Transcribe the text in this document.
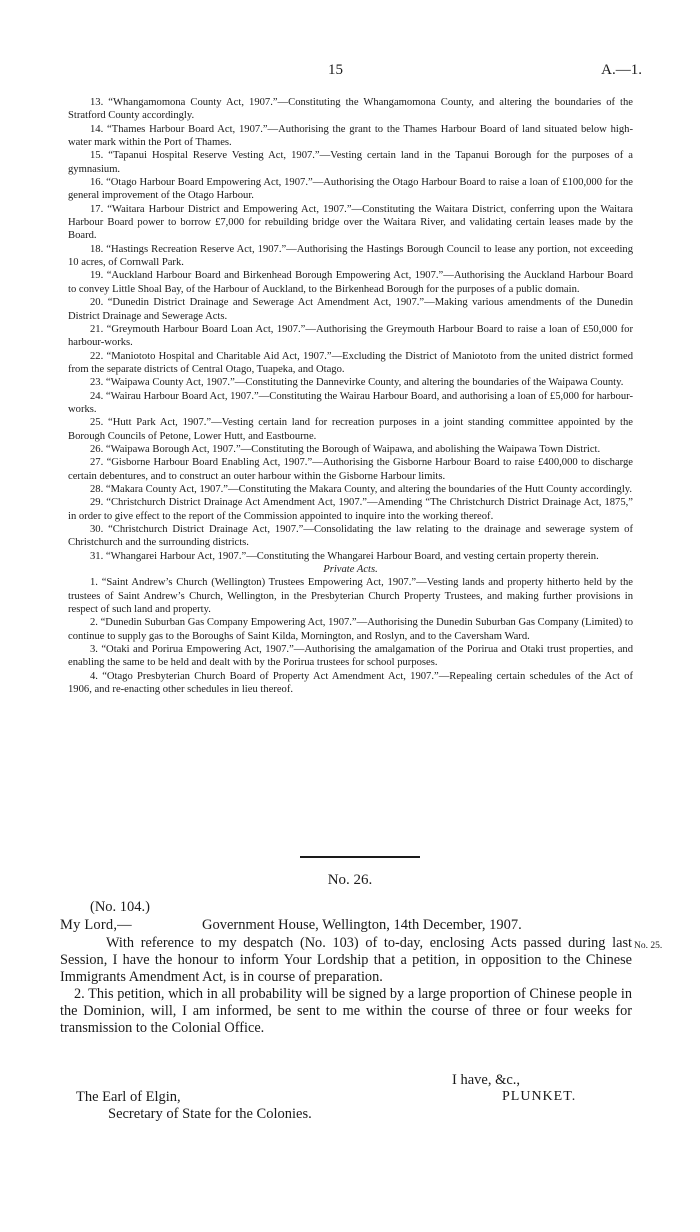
15	A.—1.

13. “Whangamomona County Act, 1907.”—Constituting the Whangamomona County, and altering the boundaries of the Stratford County accordingly.

14. “Thames Harbour Board Act, 1907.”—Authorising the grant to the Thames Harbour Board of land situated below high-water mark within the Port of Thames.

15. “Tapanui Hospital Reserve Vesting Act, 1907.”—Vesting certain land in the Tapanui Borough for the purposes of a gymnasium.

16. “Otago Harbour Board Empowering Act, 1907.”—Authorising the Otago Harbour Board to raise a loan of £100,000 for the general improvement of the Otago Harbour.

17. “Waitara Harbour District and Empowering Act, 1907.”—Constituting the Waitara District, conferring upon the Waitara Harbour Board power to borrow £7,000 for rebuilding bridge over the Waitara River, and validating certain leases made by the Board.

18. “Hastings Recreation Reserve Act, 1907.”—Authorising the Hastings Borough Council to lease any portion, not exceeding 10 acres, of Cornwall Park.

19. “Auckland Harbour Board and Birkenhead Borough Empowering Act, 1907.”—Authorising the Auckland Harbour Board to convey Little Shoal Bay, of the Harbour of Auckland, to the Birkenhead Borough for the purposes of a public domain.

20. “Dunedin District Drainage and Sewerage Act Amendment Act, 1907.”—Making various amendments of the Dunedin District Drainage and Sewerage Acts.

21. “Greymouth Harbour Board Loan Act, 1907.”—Authorising the Greymouth Harbour Board to raise a loan of £50,000 for harbour-works.

22. “Maniototo Hospital and Charitable Aid Act, 1907.”—Excluding the District of Maniototo from the united district formed from the separate districts of Central Otago, Tuapeka, and Otago.

23. “Waipawa County Act, 1907.”—Constituting the Dannevirke County, and altering the boundaries of the Waipawa County.

24. “Wairau Harbour Board Act, 1907.”—Constituting the Wairau Harbour Board, and authorising a loan of £5,000 for harbour-works.

25. “Hutt Park Act, 1907.”—Vesting certain land for recreation purposes in a joint standing committee appointed by the Borough Councils of Petone, Lower Hutt, and Eastbourne.

26. “Waipawa Borough Act, 1907.”—Constituting the Borough of Waipawa, and abolishing the Waipawa Town District.

27. “Gisborne Harbour Board Enabling Act, 1907.”—Authorising the Gisborne Harbour Board to raise £400,000 to discharge certain debentures, and to construct an outer harbour within the Gisborne Harbour limits.

28. “Makara County Act, 1907.”—Constituting the Makara County, and altering the boundaries of the Hutt County accordingly.

29. “Christchurch District Drainage Act Amendment Act, 1907.”—Amending “The Christchurch District Drainage Act, 1875,” in order to give effect to the report of the Commission appointed to inquire into the working thereof.

30. “Christchurch District Drainage Act, 1907.”—Consolidating the law relating to the drainage and sewerage system of Christchurch and the surrounding districts.

31. “Whangarei Harbour Act, 1907.”—Constituting the Whangarei Harbour Board, and vesting certain property therein.

Private Acts.

1. “Saint Andrew’s Church (Wellington) Trustees Empowering Act, 1907.”—Vesting lands and property hitherto held by the trustees of Saint Andrew’s Church, Wellington, in the Presbyterian Church Property Trustees, and making further provisions in respect of such land and property.

2. “Dunedin Suburban Gas Company Empowering Act, 1907.”—Authorising the Dunedin Suburban Gas Company (Limited) to continue to supply gas to the Boroughs of Saint Kilda, Mornington, and Roslyn, and to the Caversham Ward.

3. “Otaki and Porirua Empowering Act, 1907.”—Authorising the amalgamation of the Porirua and Otaki trust properties, and enabling the same to be held and dealt with by the Porirua trustees for school purposes.

4. “Otago Presbyterian Church Board of Property Act Amendment Act, 1907.”—Repealing certain schedules of the Act of 1906, and re-enacting other schedules in lieu thereof.

No. 26.
(No. 104.)
My Lord,—	Government House, Wellington, 14th December, 1907.

With reference to my despatch (No. 103) of to-day, enclosing Acts passed during last Session, I have the honour to inform Your Lordship that a petition, in opposition to the Chinese Immigrants Amendment Act, is in course of preparation.

2. This petition, which in all probability will be signed by a large proportion of Chinese people in the Dominion, will, I am informed, be sent to me within the course of three or four weeks for transmission to the Colonial Office.

No. 25.
I have, &c.,
PLUNKET.
The Earl of Elgin,
Secretary of State for the Colonies.
